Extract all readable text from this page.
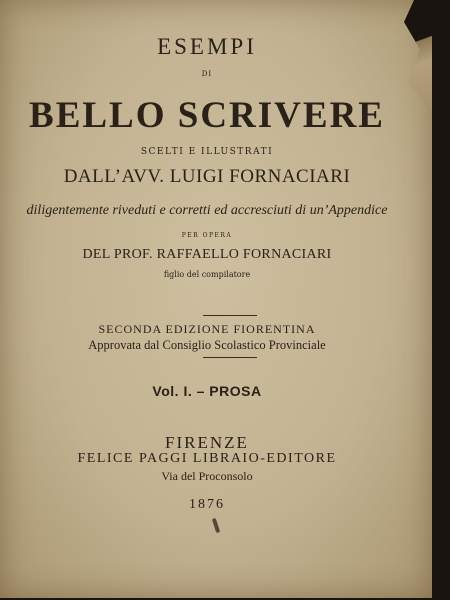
ESEMPI
DI
BELLO SCRIVERE
SCELTI E ILLUSTRATI
DALL’AVV. LUIGI FORNACIARI
diligentemente riveduti e corretti ed accresciuti di un’Appendice
PER OPERA
DEL PROF. RAFFAELLO FORNACIARI
figlio del compilatore
SECONDA EDIZIONE FIORENTINA
Approvata dal Consiglio Scolastico Provinciale
Vol. I. – PROSA
FIRENZE
FELICE PAGGI LIBRAIO-EDITORE
Via del Proconsolo
1876
